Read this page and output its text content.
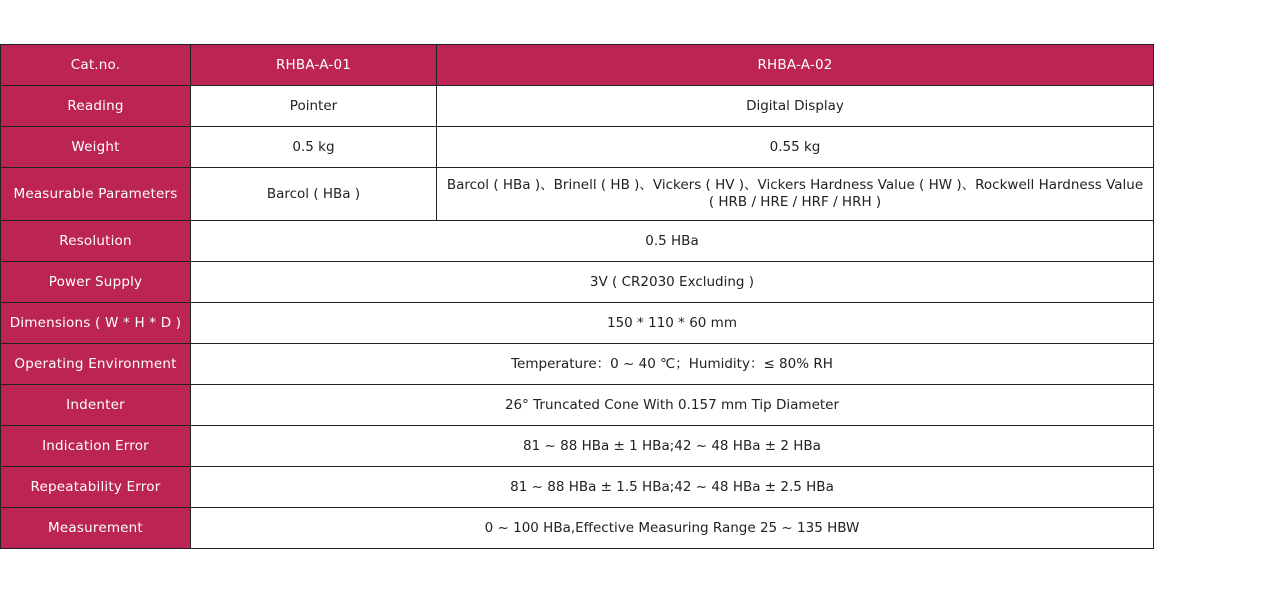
Cat.no.	RHBA-A-01	RHBA-A-02
Reading	Pointer	Digital Display
Weight	0.5 kg	0.55 kg
Measurable Parameters	Barcol ( HBa )	Barcol ( HBa )、Brinell ( HB )、Vickers ( HV )、Vickers Hardness Value ( HW )、Rockwell Hardness Value ( HRB / HRE / HRF / HRH )
Resolution	0.5 HBa	
Power Supply	3V ( CR2030 Excluding )	
Dimensions ( W * H * D )	150 * 110 * 60 mm	
Operating Environment	Temperature：0 ~ 40 ℃；Humidity：≤ 80% RH	
Indenter	26° Truncated Cone With 0.157 mm Tip Diameter	
Indication Error	81 ~ 88 HBa ± 1 HBa;42 ~ 48 HBa ± 2 HBa	
Repeatability Error	81 ~ 88 HBa ± 1.5 HBa;42 ~ 48 HBa ± 2.5 HBa	
Measurement	0 ~ 100 HBa,Effective Measuring Range 25 ~ 135 HBW	
